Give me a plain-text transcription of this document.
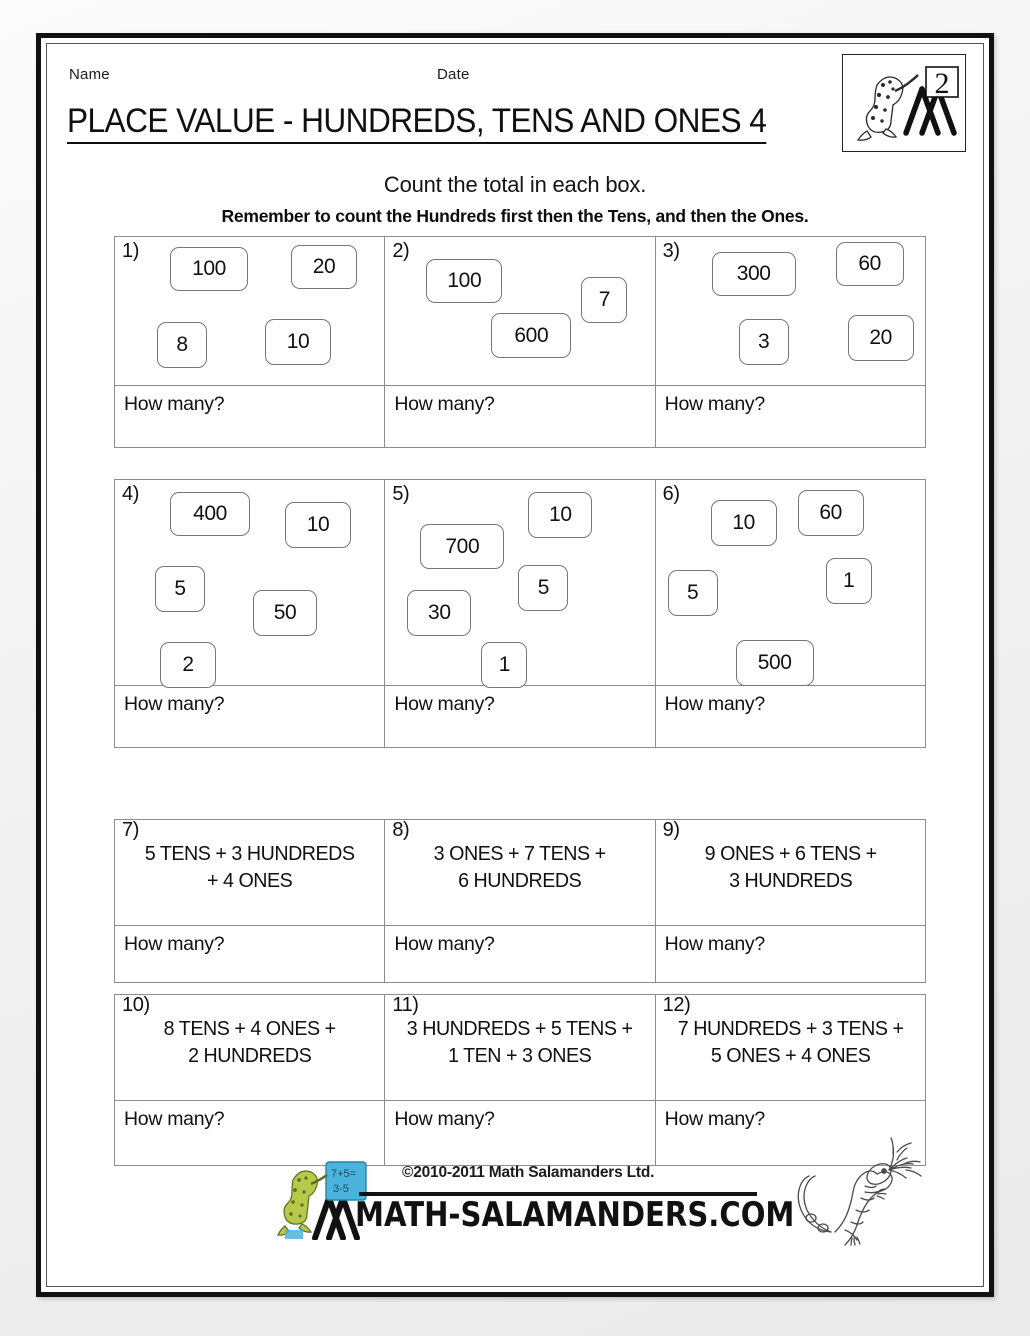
Name	Date
PLACE VALUE - HUNDREDS, TENS AND ONES 4
2
Count the total in each box.
Remember to count the Hundreds first then the Tens, and then the Ones.
1)
100	20
8	10
2)
100
7
600
3)
300	60
3	20
How many?	How many?	How many?
4)
400	10
5
50
2
5)
10
700
5
30
1
6)
10	60
1
5
500
How many?	How many?	How many?
7)
5 TENS + 3 HUNDREDS
+ 4 ONES
8)
3 ONES + 7 TENS +
6 HUNDREDS
9)
9 ONES + 6 TENS +
3 HUNDREDS
How many?	How many?	How many?
10)
8 TENS + 4 ONES +
2 HUNDREDS
11)
3 HUNDREDS + 5 TENS +
1 TEN + 3 ONES
12)
7 HUNDREDS + 3 TENS +
5 ONES + 4 ONES
How many?	How many?	How many?
7+5=
3-5
©2010-2011 Math Salamanders Ltd.
MATH-SALAMANDERS.COM
